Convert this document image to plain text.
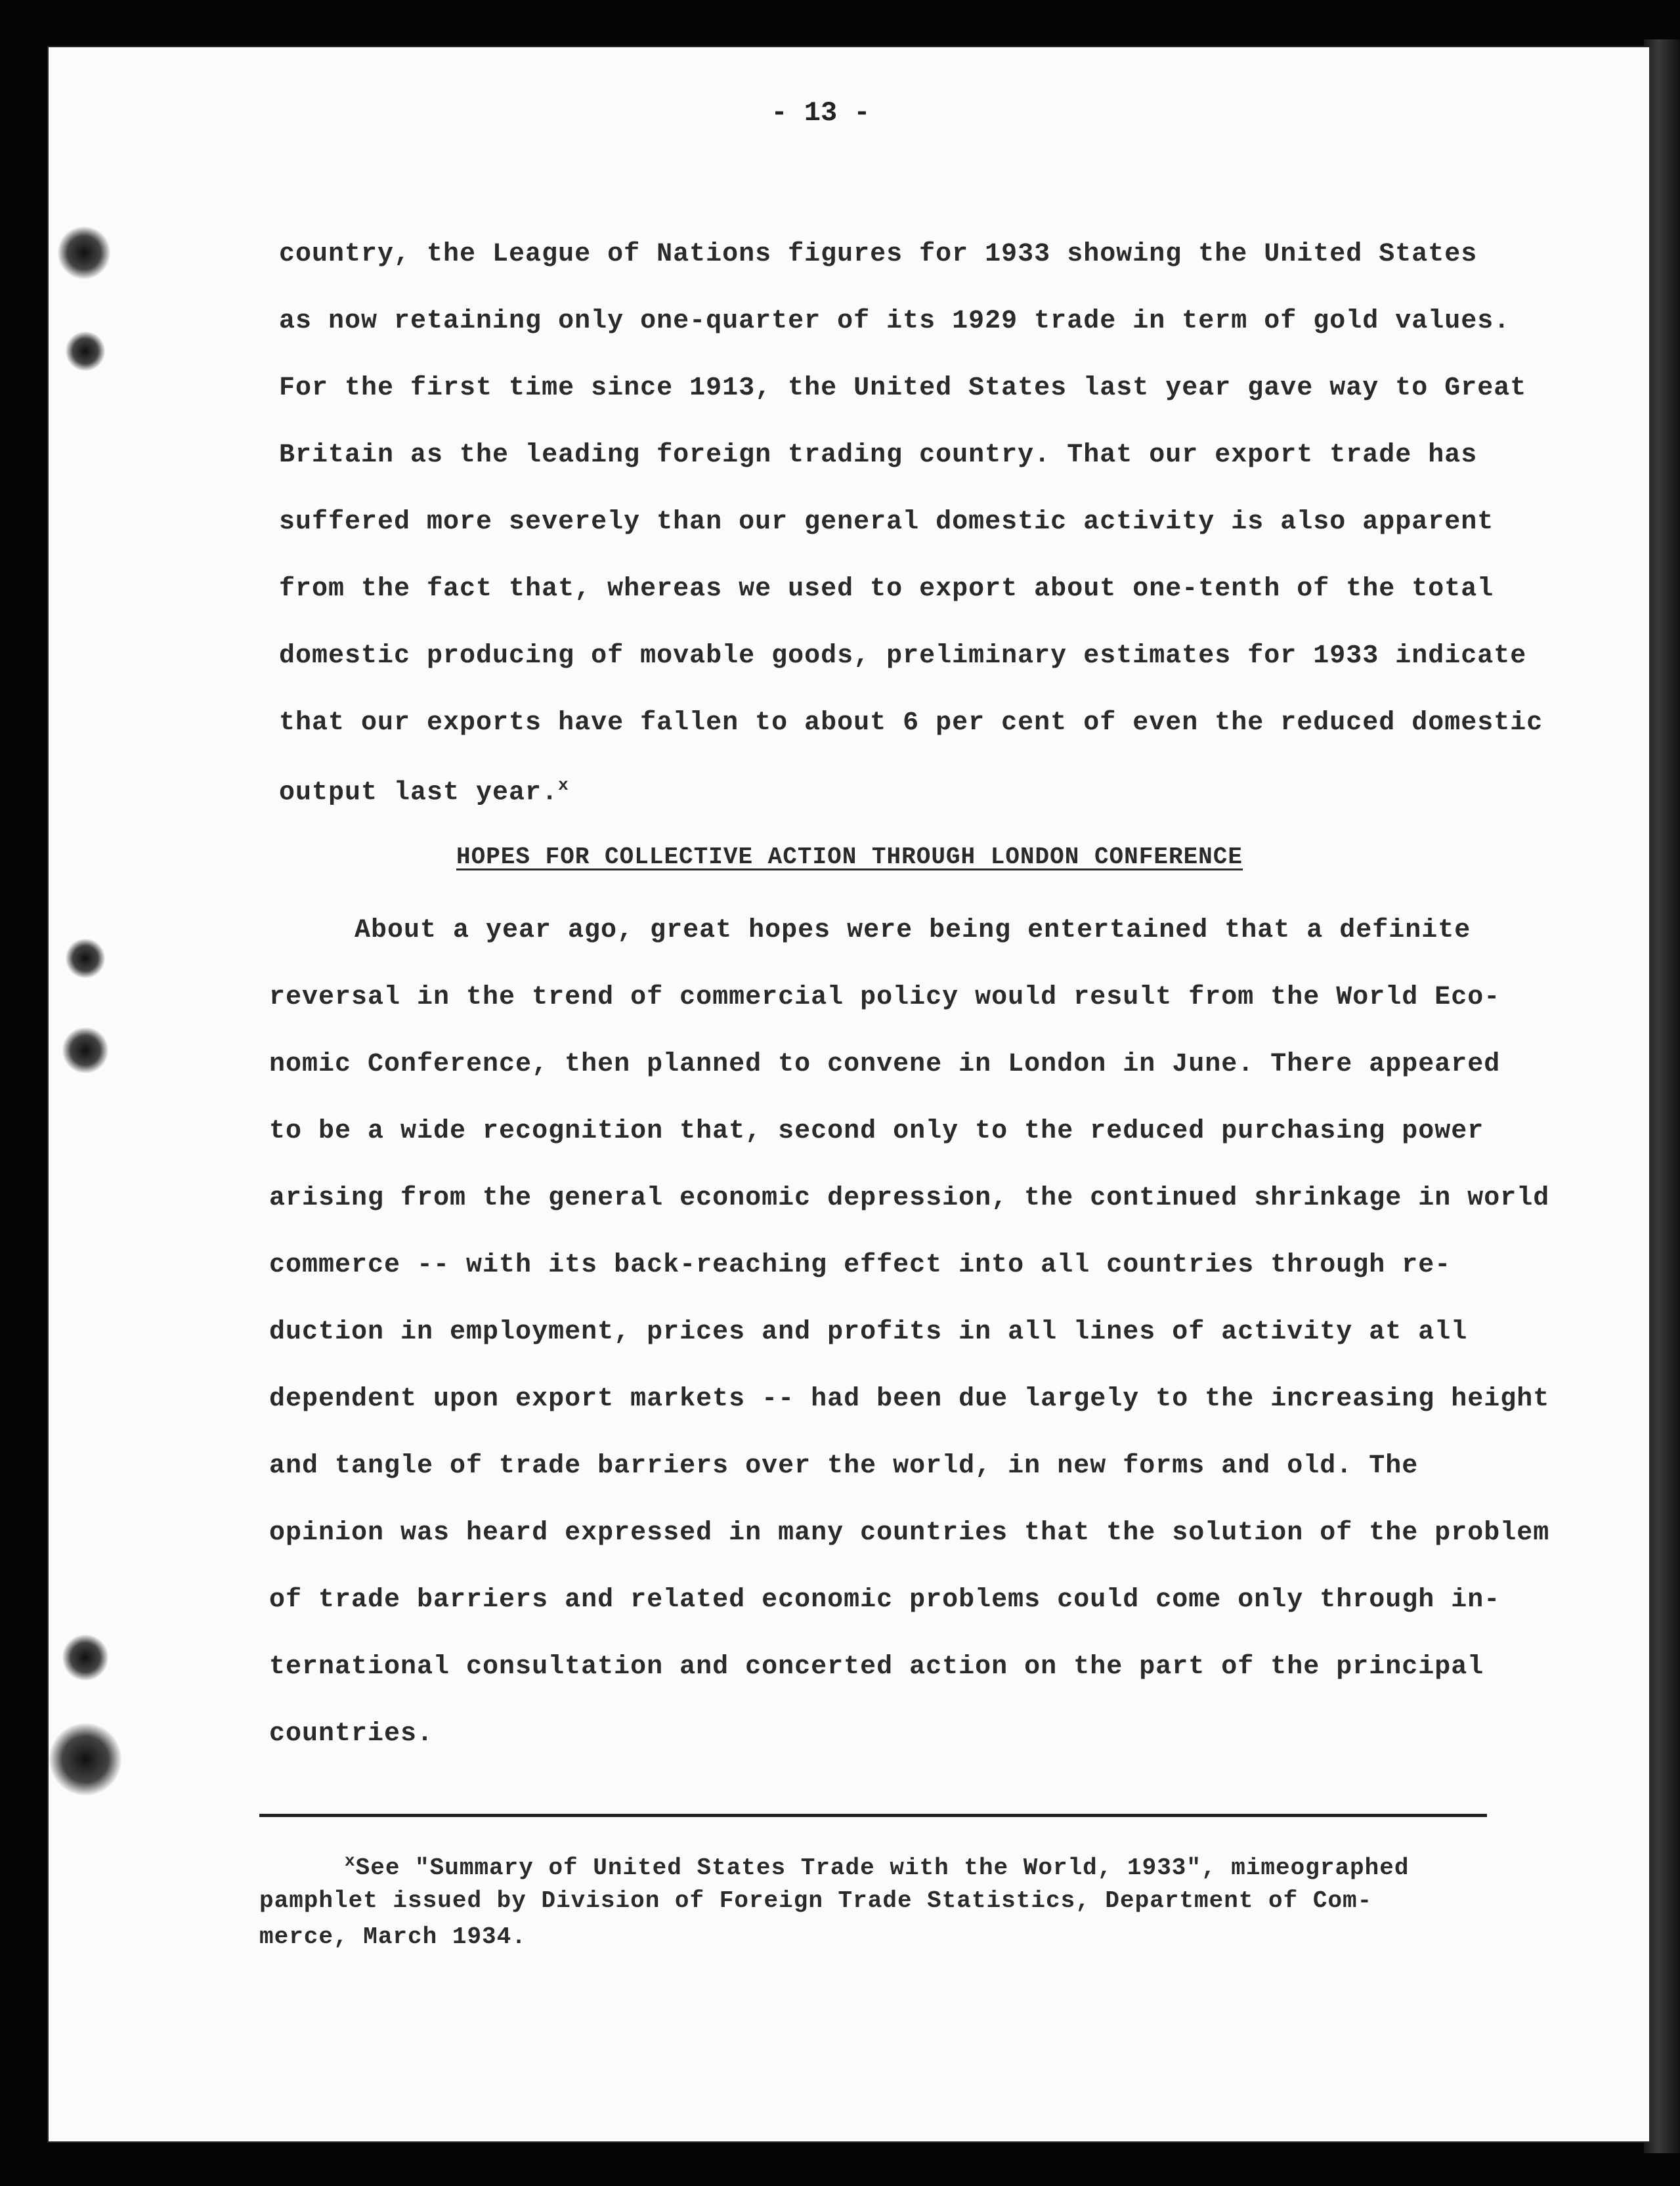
- 13 -
country, the League of Nations figures for 1933 showing the United States
as now retaining only one-quarter of its 1929 trade in term of gold values.
For the first time since 1913, the United States last year gave way to Great
Britain as the leading foreign trading country. That our export trade has
suffered more severely than our general domestic activity is also apparent
from the fact that, whereas we used to export about one-tenth of the total
domestic producing of movable goods, preliminary estimates for 1933 indicate
that our exports have fallen to about 6 per cent of even the reduced domestic
output last year.$^x$
HOPES FOR COLLECTIVE ACTION THROUGH LONDON CONFERENCE
About a year ago, great hopes were being entertained that a definite
reversal in the trend of commercial policy would result from the World Eco-
nomic Conference, then planned to convene in London in June. There appeared
to be a wide recognition that, second only to the reduced purchasing power
arising from the general economic depression, the continued shrinkage in world
commerce -- with its back-reaching effect into all countries through re-
duction in employment, prices and profits in all lines of activity at all
dependent upon export markets -- had been due largely to the increasing height
and tangle of trade barriers over the world, in new forms and old. The
opinion was heard expressed in many countries that the solution of the problem
of trade barriers and related economic problems could come only through in-
ternational consultation and concerted action on the part of the principal
countries.
$^x$See "Summary of United States Trade with the World, 1933", mimeographed
pamphlet issued by Division of Foreign Trade Statistics, Department of Com-
merce, March 1934.
